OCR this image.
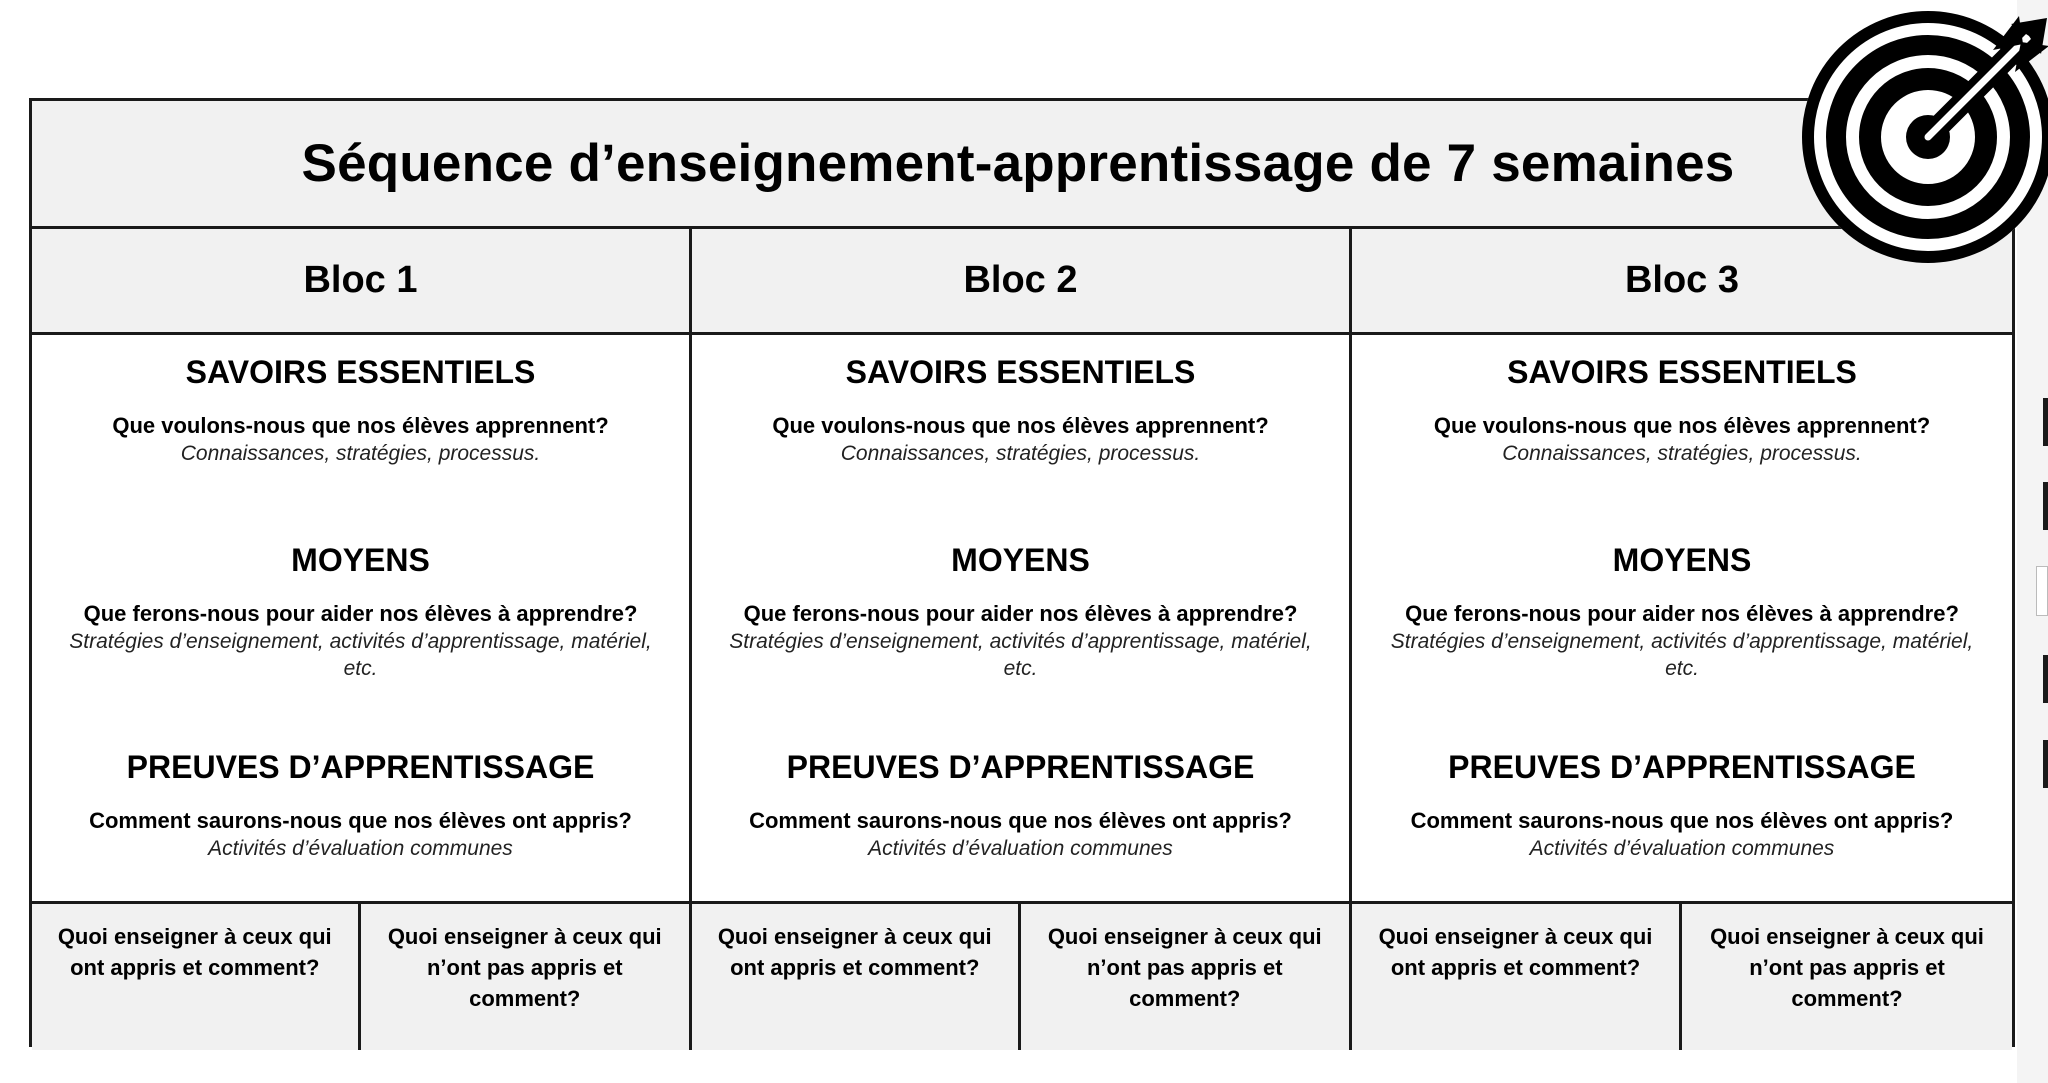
Séquence d’enseignement-apprentissage de 7 semaines
Bloc 1	Bloc 2	Bloc 3
SAVOIRS ESSENTIELS
Que voulons-nous que nos élèves apprennent?
Connaissances, stratégies, processus.
MOYENS
Que ferons-nous pour aider nos élèves à apprendre?
Stratégies d’enseignement, activités d’apprentissage, matériel, etc.
PREUVES D’APPRENTISSAGE
Comment saurons-nous que nos élèves ont appris?
Activités d’évaluation communes
SAVOIRS ESSENTIELS
Que voulons-nous que nos élèves apprennent?
Connaissances, stratégies, processus.
MOYENS
Que ferons-nous pour aider nos élèves à apprendre?
Stratégies d’enseignement, activités d’apprentissage, matériel, etc.
PREUVES D’APPRENTISSAGE
Comment saurons-nous que nos élèves ont appris?
Activités d’évaluation communes
SAVOIRS ESSENTIELS
Que voulons-nous que nos élèves apprennent?
Connaissances, stratégies, processus.
MOYENS
Que ferons-nous pour aider nos élèves à apprendre?
Stratégies d’enseignement, activités d’apprentissage, matériel, etc.
PREUVES D’APPRENTISSAGE
Comment saurons-nous que nos élèves ont appris?
Activités d’évaluation communes
Quoi enseigner à ceux qui ont appris et comment?
Quoi enseigner à ceux qui n’ont pas appris et comment?
Quoi enseigner à ceux qui ont appris et comment?
Quoi enseigner à ceux qui n’ont pas appris et comment?
Quoi enseigner à ceux qui ont appris et comment?
Quoi enseigner à ceux qui n’ont pas appris et comment?
